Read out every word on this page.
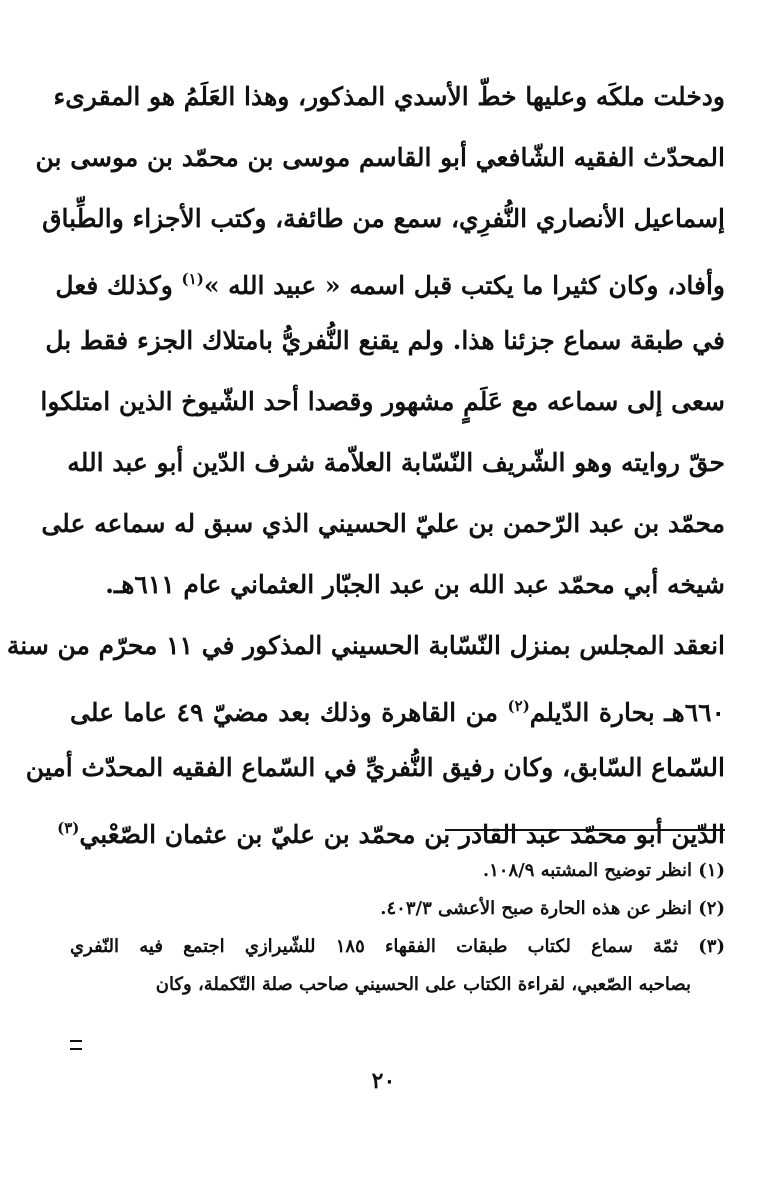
ودخلت ملكَه وعليها خطّ الأسدي المذكور، وهذا العَلَمُ هو المقرىء
المحدّث الفقيه الشّافعي أبو القاسم موسى بن محمّد بن موسى بن
إسماعيل الأنصاري النُّفرِي، سمع من طائفة، وكتب الأجزاء والطِّباق
وأفاد، وكان كثيرا ما يكتب قبل اسمه « عبيد الله »$^{(١)}$ وكذلك فعل
في طبقة سماع جزئنا هذا. ولم يقنع النُّفريُّ بامتلاك الجزء فقط بل
سعى إلى سماعه مع عَلَمٍ مشهور وقصدا أحد الشّيوخ الذين امتلكوا
حقّ روايته وهو الشّريف النّسّابة العلاّمة شرف الدّين أبو عبد الله
محمّد بن عبد الرّحمن بن عليّ الحسيني الذي سبق له سماعه على
شيخه أبي محمّد عبد الله بن عبد الجبّار العثماني عام ٦١١هـ.
انعقد المجلس بمنزل النّسّابة الحسيني المذكور في ١١ محرّم من سنة
٦٦٠هـ بحارة الدّيلم$^{(٢)}$ من القاهرة وذلك بعد مضيّ ٤٩ عاما على
السّماع السّابق، وكان رفيق النُّفريِّ في السّماع الفقيه المحدّث أمين
الدّين أبو محمّد عبد القادر بن محمّد بن عليّ بن عثمان الصّعْبي$^{(٣)}$
(١) انظر توضيح المشتبه ١٠٨/٩.
(٢) انظر عن هذه الحارة صبح الأعشى ٤٠٣/٣.
(٣) ثمّة سماع لكتاب طبقات الفقهاء ١٨٥ للشّيرازي اجتمع فيه النّفري
بصاحبه الصّعبي، لقراءة الكتاب على الحسيني صاحب صلة التّكملة، وكان
٢٠
